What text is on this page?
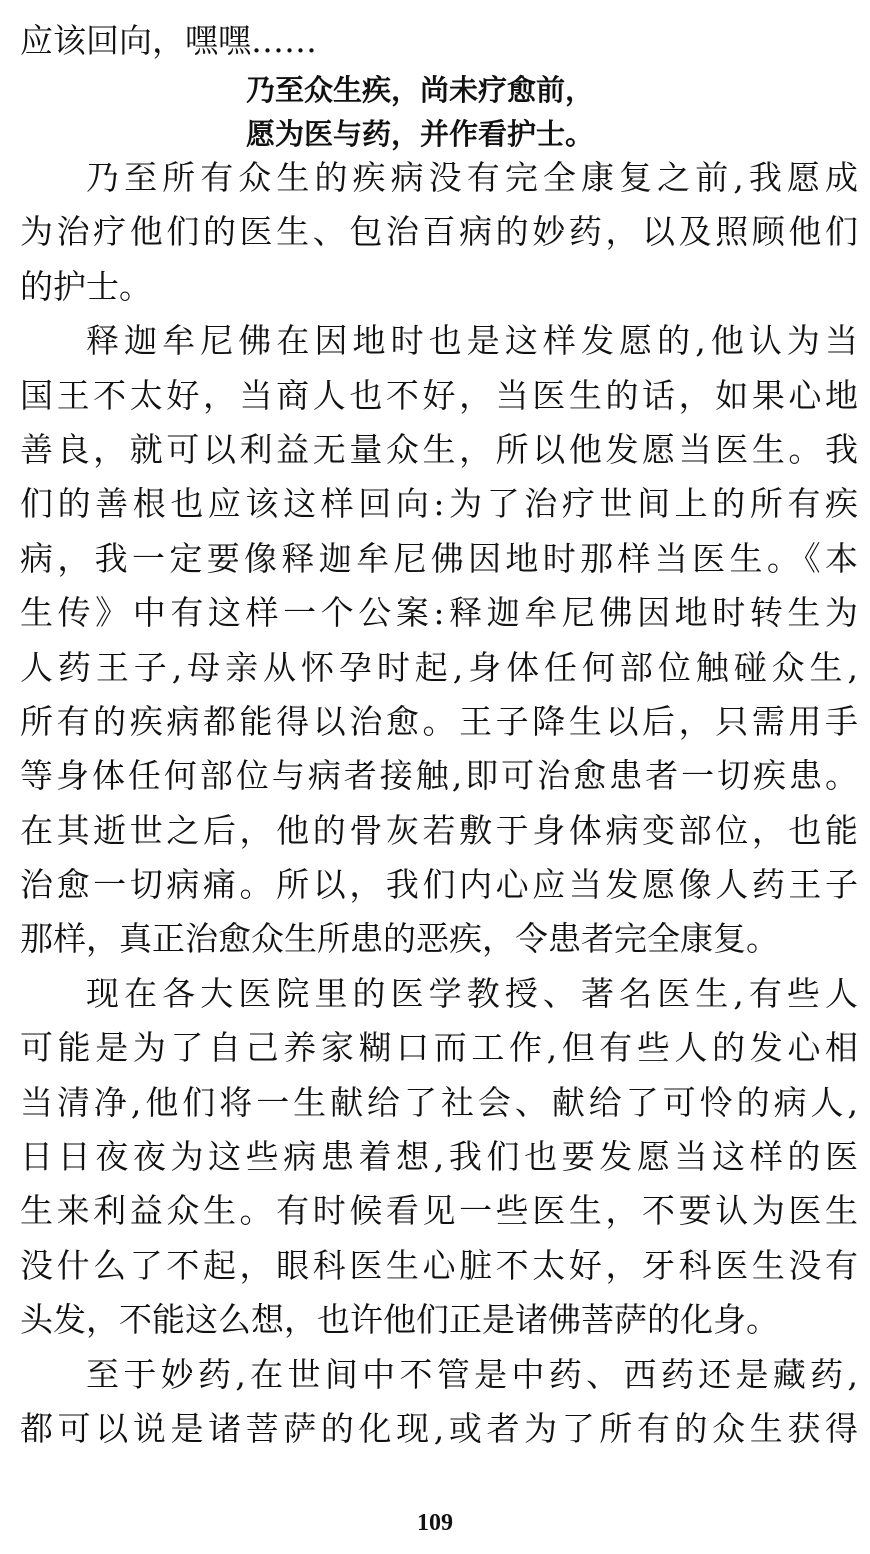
应该回向，嘿嘿……
乃至众生疾，尚未疗愈前，
愿为医与药，并作看护士。
乃至所有众生的疾病没有完全康复之前,我愿成
为治疗他们的医生、包治百病的妙药，以及照顾他们
的护士。
释迦牟尼佛在因地时也是这样发愿的,他认为当
国王不太好，当商人也不好，当医生的话，如果心地
善良，就可以利益无量众生，所以他发愿当医生。我
们的善根也应该这样回向:为了治疗世间上的所有疾
病，我一定要像释迦牟尼佛因地时那样当医生。《本
生传》中有这样一个公案:释迦牟尼佛因地时转生为
人药王子,母亲从怀孕时起,身体任何部位触碰众生,
所有的疾病都能得以治愈。王子降生以后，只需用手
等身体任何部位与病者接触,即可治愈患者一切疾患。
在其逝世之后，他的骨灰若敷于身体病变部位，也能
治愈一切病痛。所以，我们内心应当发愿像人药王子
那样，真正治愈众生所患的恶疾，令患者完全康复。
现在各大医院里的医学教授、著名医生,有些人
可能是为了自己养家糊口而工作,但有些人的发心相
当清净,他们将一生献给了社会、献给了可怜的病人,
日日夜夜为这些病患着想,我们也要发愿当这样的医
生来利益众生。有时候看见一些医生，不要认为医生
没什么了不起，眼科医生心脏不太好，牙科医生没有
头发，不能这么想，也许他们正是诸佛菩萨的化身。
至于妙药,在世间中不管是中药、西药还是藏药,
都可以说是诸菩萨的化现,或者为了所有的众生获得
109
